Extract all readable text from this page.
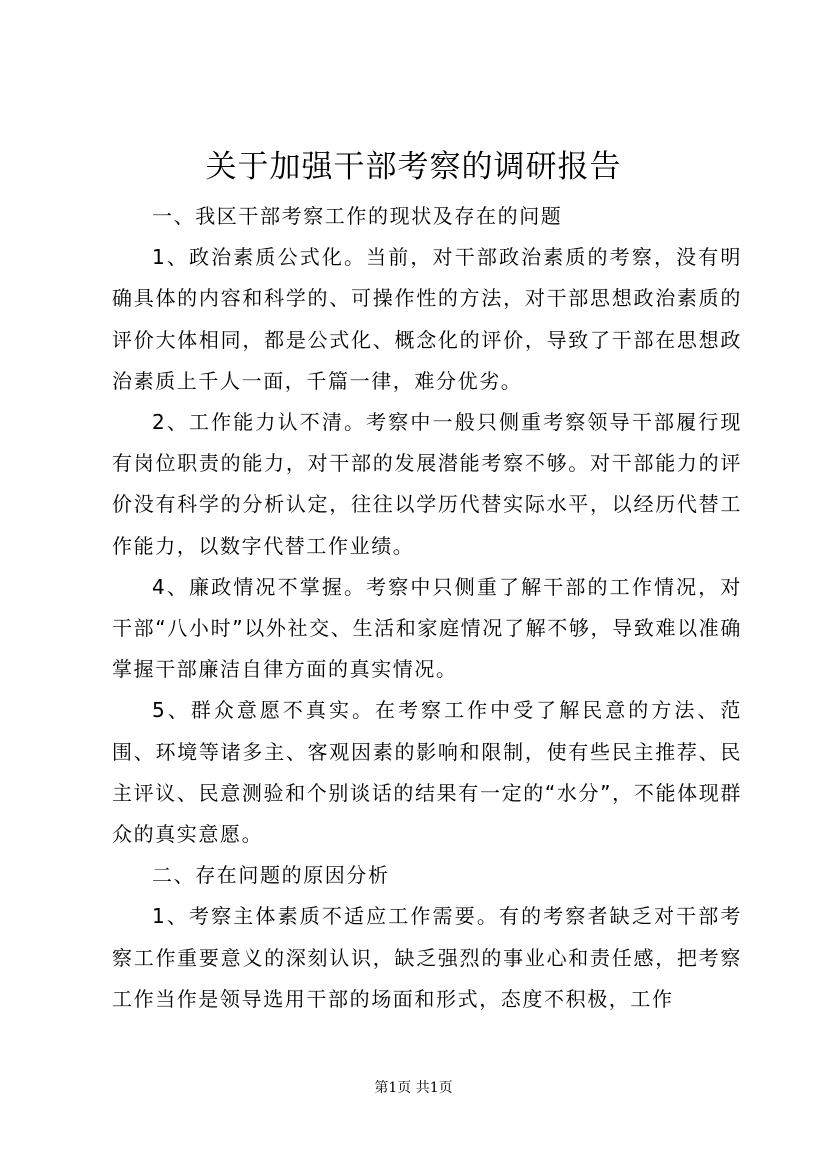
关于加强干部考察的调研报告

一、我区干部考察工作的现状及存在的问题

1、政治素质公式化。当前，对干部政治素质的考察，没有明确具体的内容和科学的、可操作性的方法，对干部思想政治素质的评价大体相同，都是公式化、概念化的评价，导致了干部在思想政治素质上千人一面，千篇一律，难分优劣。

2、工作能力认不清。考察中一般只侧重考察领导干部履行现有岗位职责的能力，对干部的发展潜能考察不够。对干部能力的评价没有科学的分析认定，往往以学历代替实际水平，以经历代替工作能力，以数字代替工作业绩。

4、廉政情况不掌握。考察中只侧重了解干部的工作情况，对干部“八小时”以外社交、生活和家庭情况了解不够，导致难以准确掌握干部廉洁自律方面的真实情况。

5、群众意愿不真实。在考察工作中受了解民意的方法、范围、环境等诸多主、客观因素的影响和限制，使有些民主推荐、民主评议、民意测验和个别谈话的结果有一定的“水分”，不能体现群众的真实意愿。

二、存在问题的原因分析

1、考察主体素质不适应工作需要。有的考察者缺乏对干部考察工作重要意义的深刻认识，缺乏强烈的事业心和责任感，把考察工作当作是领导选用干部的场面和形式，态度不积极，工作

第1页 共1页
